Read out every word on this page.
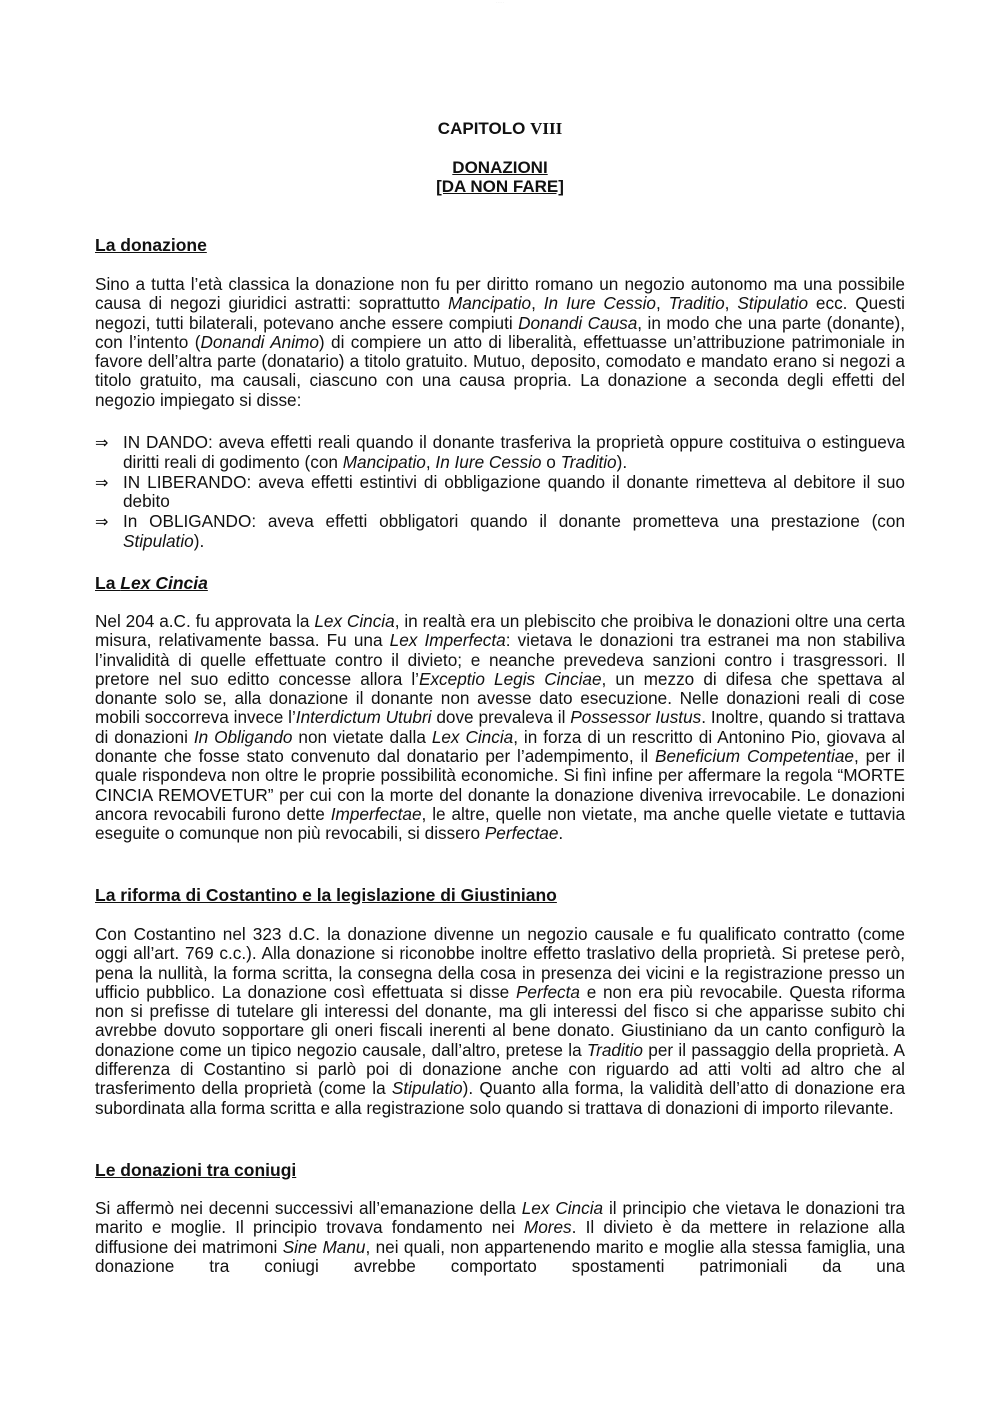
· · · · ·
CAPITOLO VIII
DONAZIONI
[DA NON FARE]
La donazione

Sino a tutta l’età classica la donazione non fu per diritto romano un negozio autonomo ma una possibile causa di negozi giuridici astratti: soprattutto Mancipatio, In Iure Cessio, Traditio, Stipulatio ecc. Questi negozi, tutti bilaterali, potevano anche essere compiuti Donandi Causa, in modo che una parte (donante), con l’intento (Donandi Animo) di compiere un atto di liberalità, effettuasse un’attribuzione patrimoniale in favore dell’altra parte (donatario) a titolo gratuito. Mutuo, deposito, comodato e mandato erano si negozi a titolo gratuito, ma causali, ciascuno con una causa propria. La donazione a seconda degli effetti del negozio impiegato si disse:

⇒ IN DANDO: aveva effetti reali quando il donante trasferiva la proprietà oppure costituiva o estingueva diritti reali di godimento (con Mancipatio, In Iure Cessio o Traditio).
⇒ IN LIBERANDO: aveva effetti estintivi di obbligazione quando il donante rimetteva al debitore il suo debito
⇒ In OBLIGANDO: aveva effetti obbligatori quando il donante prometteva una prestazione (con Stipulatio).
La Lex Cincia

Nel 204 a.C. fu approvata la Lex Cincia, in realtà era un plebiscito che proibiva le donazioni oltre una certa misura, relativamente bassa. Fu una Lex Imperfecta: vietava le donazioni tra estranei ma non stabiliva l’invalidità di quelle effettuate contro il divieto; e neanche prevedeva sanzioni contro i trasgressori. Il pretore nel suo editto concesse allora l’Exceptio Legis Cinciae, un mezzo di difesa che spettava al donante solo se, alla donazione il donante non avesse dato esecuzione. Nelle donazioni reali di cose mobili soccorreva invece l’Interdictum Utubri dove prevaleva il Possessor Iustus. Inoltre, quando si trattava di donazioni In Obligando non vietate dalla Lex Cincia, in forza di un rescritto di Antonino Pio, giovava al donante che fosse stato convenuto dal donatario per l’adempimento, il Beneficium Competentiae, per il quale rispondeva non oltre le proprie possibilità economiche. Si finì infine per affermare la regola “MORTE CINCIA REMOVETUR” per cui con la morte del donante la donazione diveniva irrevocabile. Le donazioni ancora revocabili furono dette Imperfectae, le altre, quelle non vietate, ma anche quelle vietate e tuttavia eseguite o comunque non più revocabili, si dissero Perfectae.

La riforma di Costantino e la legislazione di Giustiniano

Con Costantino nel 323 d.C. la donazione divenne un negozio causale e fu qualificato contratto (come oggi all’art. 769 c.c.). Alla donazione si riconobbe inoltre effetto traslativo della proprietà. Si pretese però, pena la nullità, la forma scritta, la consegna della cosa in presenza dei vicini e la registrazione presso un ufficio pubblico. La donazione così effettuata si disse Perfecta e non era più revocabile. Questa riforma non si prefisse di tutelare gli interessi del donante, ma gli interessi del fisco si che apparisse subito chi avrebbe dovuto sopportare gli oneri fiscali inerenti al bene donato. Giustiniano da un canto configurò la donazione come un tipico negozio causale, dall’altro, pretese la Traditio per il passaggio della proprietà. A differenza di Costantino si parlò poi di donazione anche con riguardo ad atti volti ad altro che al trasferimento della proprietà (come la Stipulatio). Quanto alla forma, la validità dell’atto di donazione era subordinata alla forma scritta e alla registrazione solo quando si trattava di donazioni di importo rilevante.

Le donazioni tra coniugi

Si affermò nei decenni successivi all’emanazione della Lex Cincia il principio che vietava le donazioni tra marito e moglie. Il principio trovava fondamento nei Mores. Il divieto è da mettere in relazione alla diffusione dei matrimoni Sine Manu, nei quali, non appartenendo marito e moglie alla stessa famiglia, una donazione tra coniugi avrebbe comportato spostamenti patrimoniali da una
